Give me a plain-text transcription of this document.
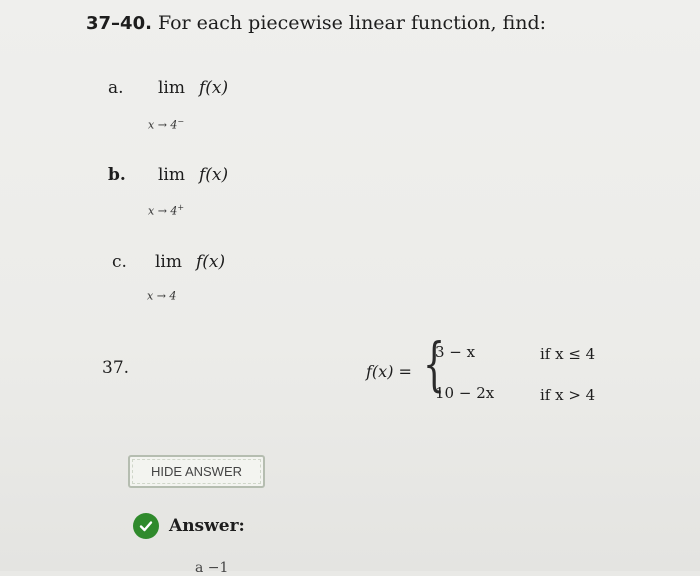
37–40. For each piecewise linear function, find:
a. lim f(x)
x → 4−
b. lim f(x)
x → 4+
c. lim f(x)
x → 4
37.	f(x) = {
3 − x	if x ≤ 4
10 − 2x	if x > 4
HIDE ANSWER
Answer:
a −1
